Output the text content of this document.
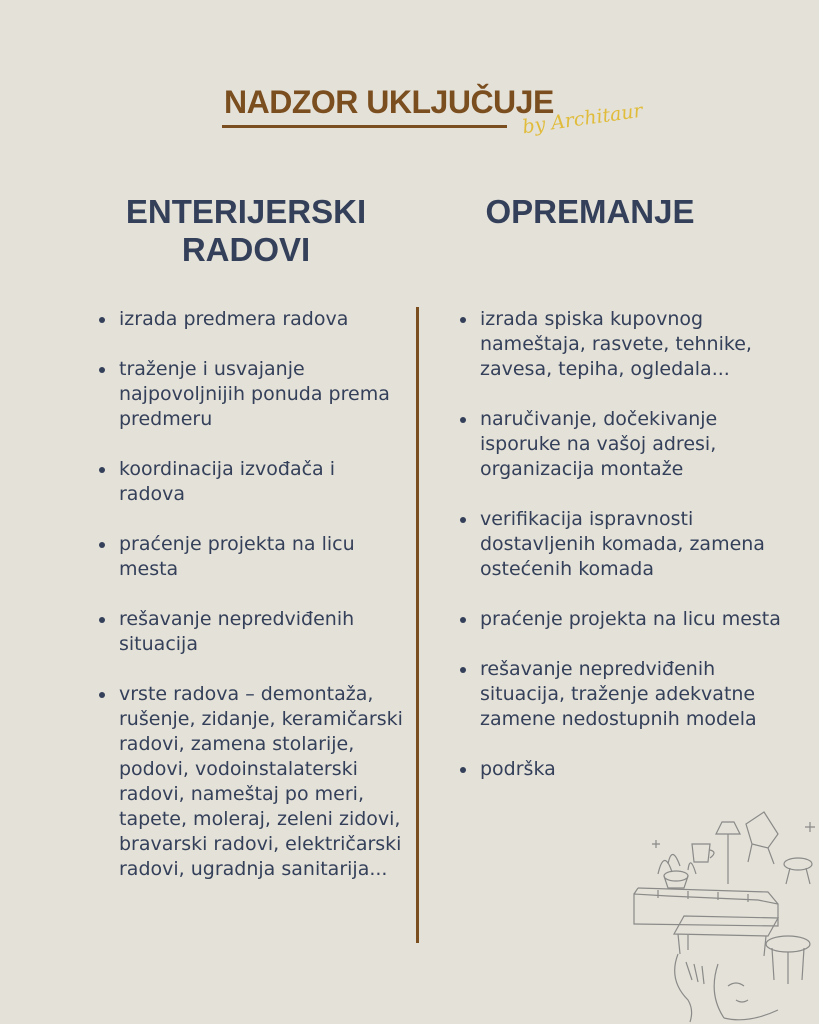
NADZOR UKLJUČUJE
by Architaur
ENTERIJERSKI
RADOVI
OPREMANJE
izrada predmera radova
traženje i usvajanje najpovoljnijih ponuda prema predmeru
koordinacija izvođača i radova
praćenje projekta na licu mesta
rešavanje nepredviđenih situacija
vrste radova – demontaža, rušenje, zidanje, keramičarski radovi, zamena stolarije, podovi, vodoinstalaterski radovi, nameštaj po meri, tapete, moleraj, zeleni zidovi, bravarski radovi, električarski radovi, ugradnja sanitarija...
izrada spiska kupovnog nameštaja, rasvete, tehnike, zavesa, tepiha, ogledala...
naručivanje, dočekivanje isporuke na vašoj adresi, organizacija montaže
verifikacija ispravnosti dostavljenih komada, zamena ostećenih komada
praćenje projekta na licu mesta
rešavanje nepredviđenih situacija, traženje adekvatne zamene nedostupnih modela
podrška
